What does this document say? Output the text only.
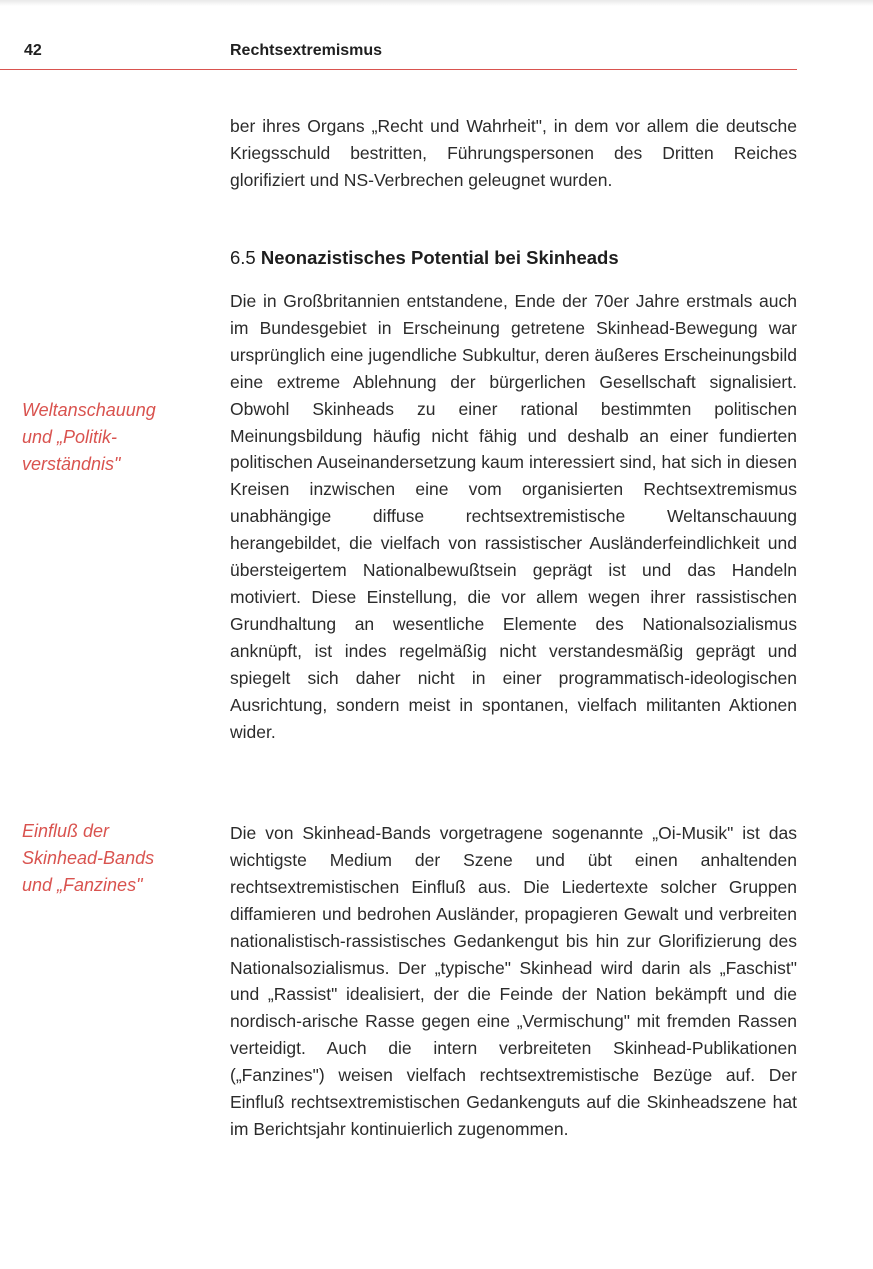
42	Rechtsextremismus

ber ihres Organs „Recht und Wahrheit", in dem vor allem die deutsche Kriegsschuld bestritten, Führungspersonen des Dritten Reiches glorifiziert und NS-Verbrechen geleugnet wurden.

6.5 Neonazistisches Potential bei Skinheads

Weltanschauung
und „Politik-
verständnis"

Einfluß der
Skinhead-Bands
und „Fanzines"

Die in Großbritannien entstandene, Ende der 70er Jahre erstmals auch im Bundesgebiet in Erscheinung getretene Skinhead-Bewegung war ursprünglich eine jugendliche Subkultur, deren äußeres Erscheinungsbild eine extreme Ablehnung der bürgerlichen Gesellschaft signalisiert. Obwohl Skinheads zu einer rational bestimmten politischen Meinungsbildung häufig nicht fähig und deshalb an einer fundierten politischen Auseinandersetzung kaum interessiert sind, hat sich in diesen Kreisen inzwischen eine vom organisierten Rechtsextremismus unabhängige diffuse rechtsextremistische Weltanschauung herangebildet, die vielfach von rassistischer Ausländerfeindlichkeit und übersteigertem Nationalbewußtsein geprägt ist und das Handeln motiviert. Diese Einstellung, die vor allem wegen ihrer rassistischen Grundhaltung an wesentliche Elemente des Nationalsozialismus anknüpft, ist indes regelmäßig nicht verstandesmäßig geprägt und spiegelt sich daher nicht in einer programmatisch-ideologischen Ausrichtung, sondern meist in spontanen, vielfach militanten Aktionen wider.

Die von Skinhead-Bands vorgetragene sogenannte „Oi-Musik" ist das wichtigste Medium der Szene und übt einen anhaltenden rechtsextremistischen Einfluß aus. Die Liedertexte solcher Gruppen diffamieren und bedrohen Ausländer, propagieren Gewalt und verbreiten nationalistisch-rassistisches Gedankengut bis hin zur Glorifizierung des Nationalsozialismus. Der „typische" Skinhead wird darin als „Faschist" und „Rassist" idealisiert, der die Feinde der Nation bekämpft und die nordisch-arische Rasse gegen eine „Vermischung" mit fremden Rassen verteidigt. Auch die intern verbreiteten Skinhead-Publikationen („Fanzines") weisen vielfach rechtsextremistische Bezüge auf. Der Einfluß rechtsextremistischen Gedankenguts auf die Skinheadszene hat im Berichtsjahr kontinuierlich zugenommen.
